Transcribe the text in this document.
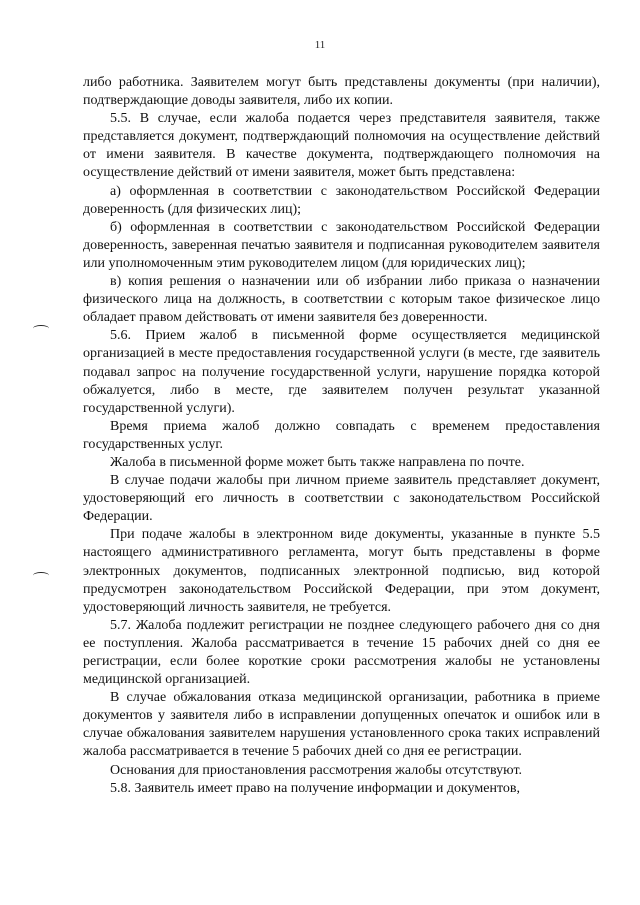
11

либо работника. Заявителем могут быть представлены документы (при наличии), подтверждающие доводы заявителя, либо их копии.

5.5. В случае, если жалоба подается через представителя заявителя, также представляется документ, подтверждающий полномочия на осуществление действий от имени заявителя. В качестве документа, подтверждающего полномочия на осуществление действий от имени заявителя, может быть представлена:

а) оформленная в соответствии с законодательством Российской Федерации доверенность (для физических лиц);

б) оформленная в соответствии с законодательством Российской Федерации доверенность, заверенная печатью заявителя и подписанная руководителем заявителя или уполномоченным этим руководителем лицом (для юридических лиц);

в) копия решения о назначении или об избрании либо приказа о назначении физического лица на должность, в соответствии с которым такое физическое лицо обладает правом действовать от имени заявителя без доверенности.

5.6. Прием жалоб в письменной форме осуществляется медицинской организацией в месте предоставления государственной услуги (в месте, где заявитель подавал запрос на получение государственной услуги, нарушение порядка которой обжалуется, либо в месте, где заявителем получен результат указанной государственной услуги).

Время приема жалоб должно совпадать с временем предоставления государственных услуг.

Жалоба в письменной форме может быть также направлена по почте.

В случае подачи жалобы при личном приеме заявитель представляет документ, удостоверяющий его личность в соответствии с законодательством Российской Федерации.

При подаче жалобы в электронном виде документы, указанные в пункте 5.5 настоящего административного регламента, могут быть представлены в форме электронных документов, подписанных электронной подписью, вид которой предусмотрен законодательством Российской Федерации, при этом документ, удостоверяющий личность заявителя, не требуется.

5.7. Жалоба подлежит регистрации не позднее следующего рабочего дня со дня ее поступления. Жалоба рассматривается в течение 15 рабочих дней со дня ее регистрации, если более короткие сроки рассмотрения жалобы не установлены медицинской организацией.

В случае обжалования отказа медицинской организации, работника в приеме документов у заявителя либо в исправлении допущенных опечаток и ошибок или в случае обжалования заявителем нарушения установленного срока таких исправлений жалоба рассматривается в течение 5 рабочих дней со дня ее регистрации.

Основания для приостановления рассмотрения жалобы отсутствуют.

5.8. Заявитель имеет право на получение информации и документов,
